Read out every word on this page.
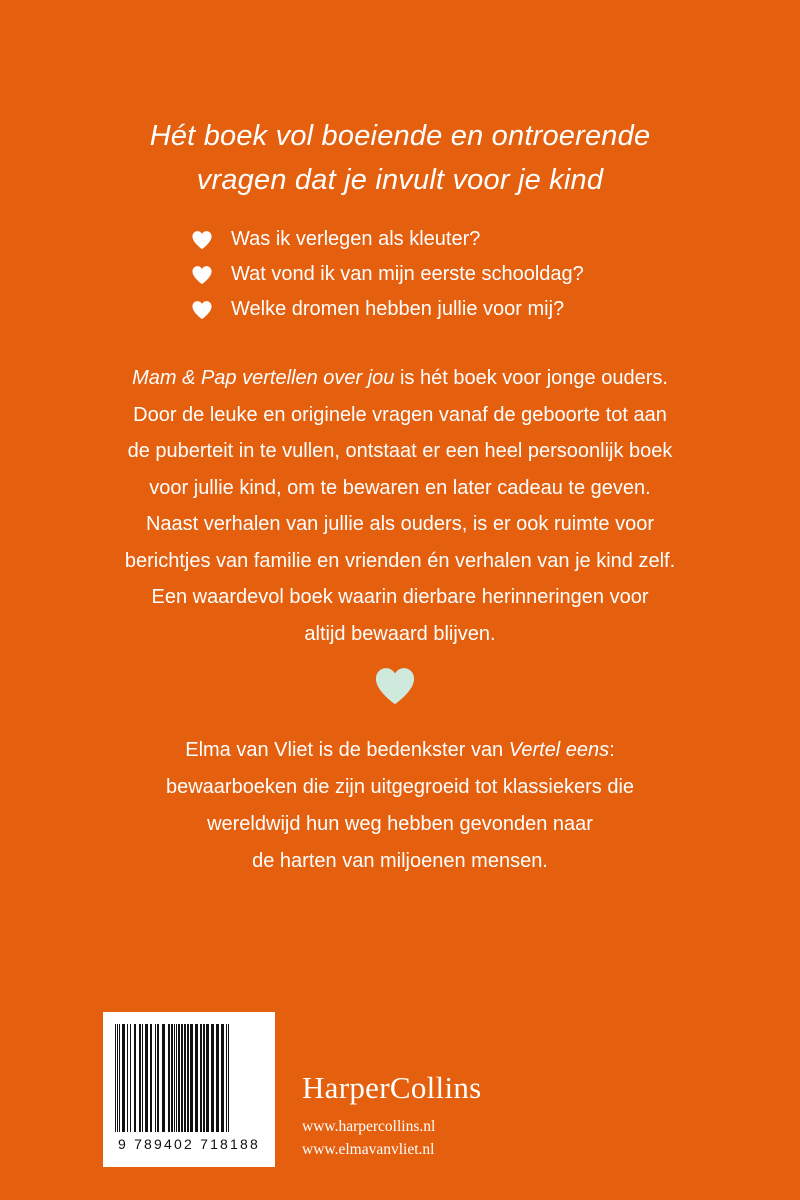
Hét boek vol boeiende en ontroerende
vragen dat je invult voor je kind
Was ik verlegen als kleuter?
Wat vond ik van mijn eerste schooldag?
Welke dromen hebben jullie voor mij?
Mam & Pap vertellen over jou is hét boek voor jonge ouders.
Door de leuke en originele vragen vanaf de geboorte tot aan
de puberteit in te vullen, ontstaat er een heel persoonlijk boek
voor jullie kind, om te bewaren en later cadeau te geven.
Naast verhalen van jullie als ouders, is er ook ruimte voor
berichtjes van familie en vrienden én verhalen van je kind zelf.
Een waardevol boek waarin dierbare herinneringen voor
altijd bewaard blijven.
Elma van Vliet is de bedenkster van Vertel eens:
bewaarboeken die zijn uitgegroeid tot klassiekers die
wereldwijd hun weg hebben gevonden naar
de harten van miljoenen mensen.
9 789402 718188
HarperCollins
www.harpercollins.nl
www.elmavanvliet.nl
